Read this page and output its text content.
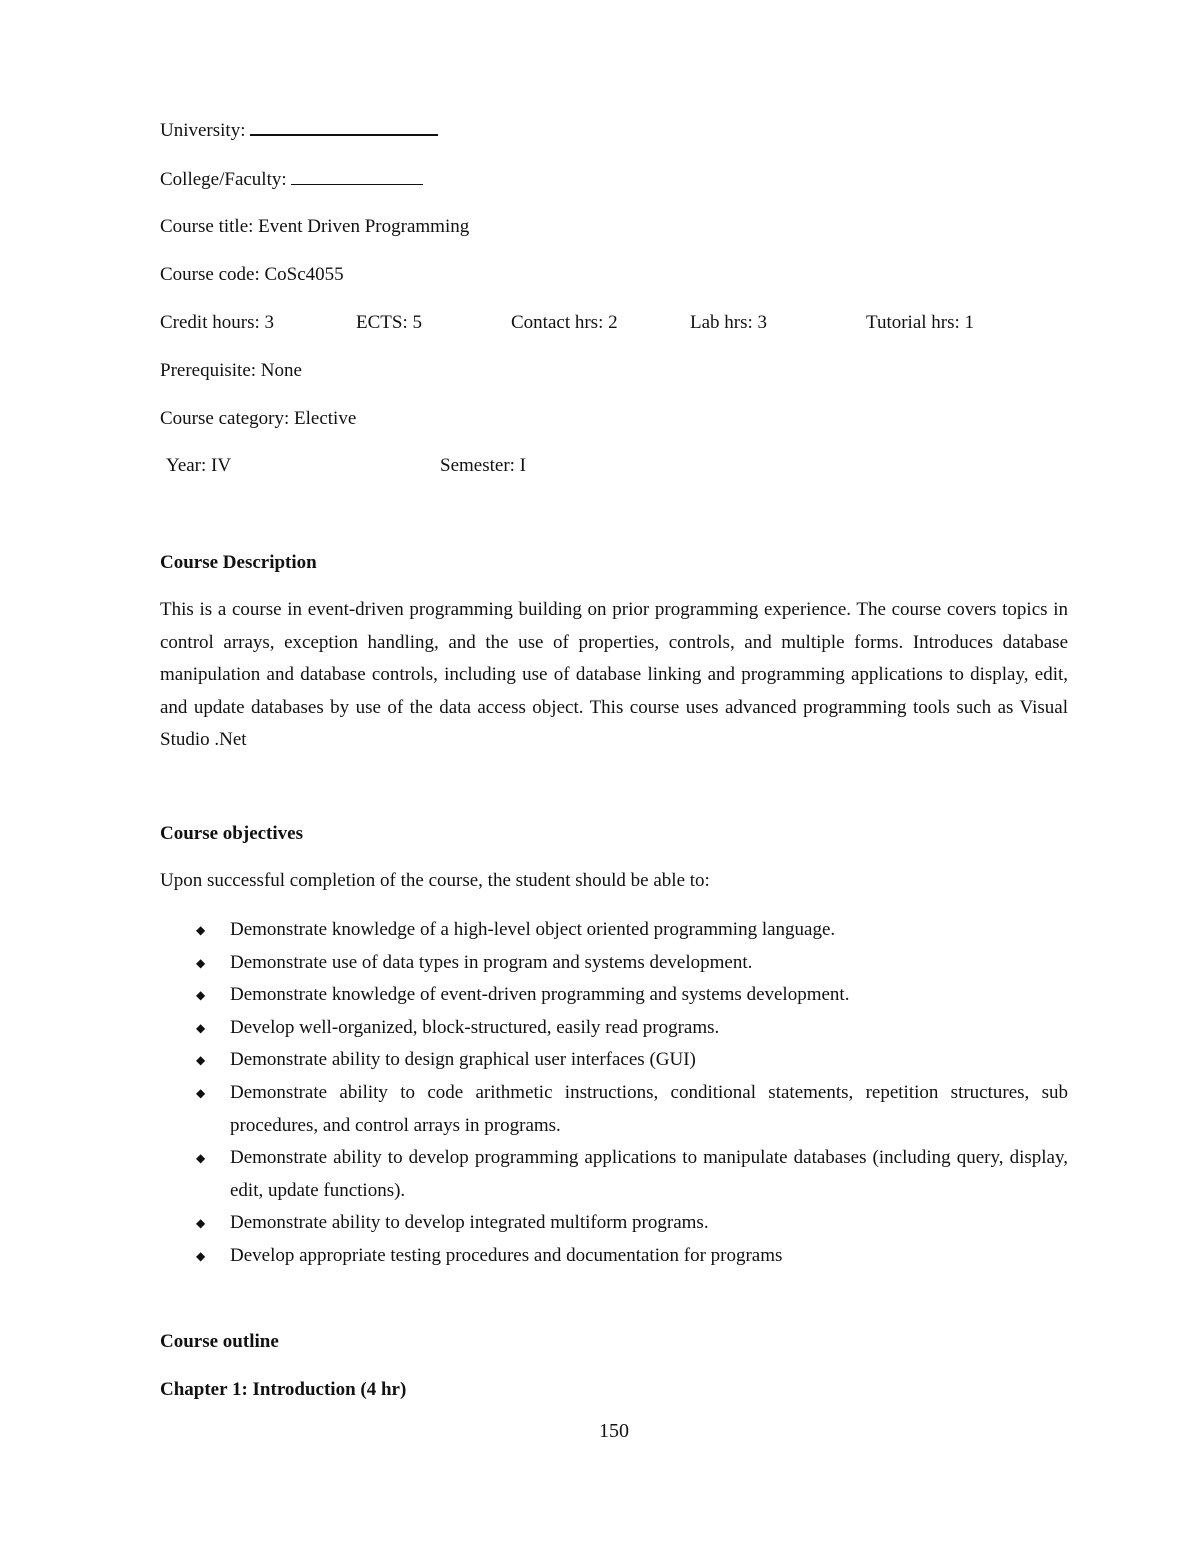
University:
College/Faculty:
Course title: Event Driven Programming
Course code: CoSc4055
Credit hours: 3	ECTS: 5	Contact hrs: 2	Lab hrs: 3	Tutorial hrs: 1
Prerequisite: None
Course category: Elective
Year: IV	Semester: I
Course Description
This is a course in event-driven programming building on prior programming experience. The course covers topics in control arrays, exception handling, and the use of properties, controls, and multiple forms. Introduces database manipulation and database controls, including use of database linking and programming applications to display, edit, and update databases by use of the data access object. This course uses advanced programming tools such as Visual Studio .Net
Course objectives
Upon successful completion of the course, the student should be able to:
◆ Demonstrate knowledge of a high-level object oriented programming language.
◆ Demonstrate use of data types in program and systems development.
◆ Demonstrate knowledge of event-driven programming and systems development.
◆ Develop well-organized, block-structured, easily read programs.
◆ Demonstrate ability to design graphical user interfaces (GUI)
◆ Demonstrate ability to code arithmetic instructions, conditional statements, repetition structures, sub procedures, and control arrays in programs.
◆ Demonstrate ability to develop programming applications to manipulate databases (including query, display, edit, update functions).
◆ Demonstrate ability to develop integrated multiform programs.
◆ Develop appropriate testing procedures and documentation for programs
Course outline
Chapter 1: Introduction (4 hr)
150
